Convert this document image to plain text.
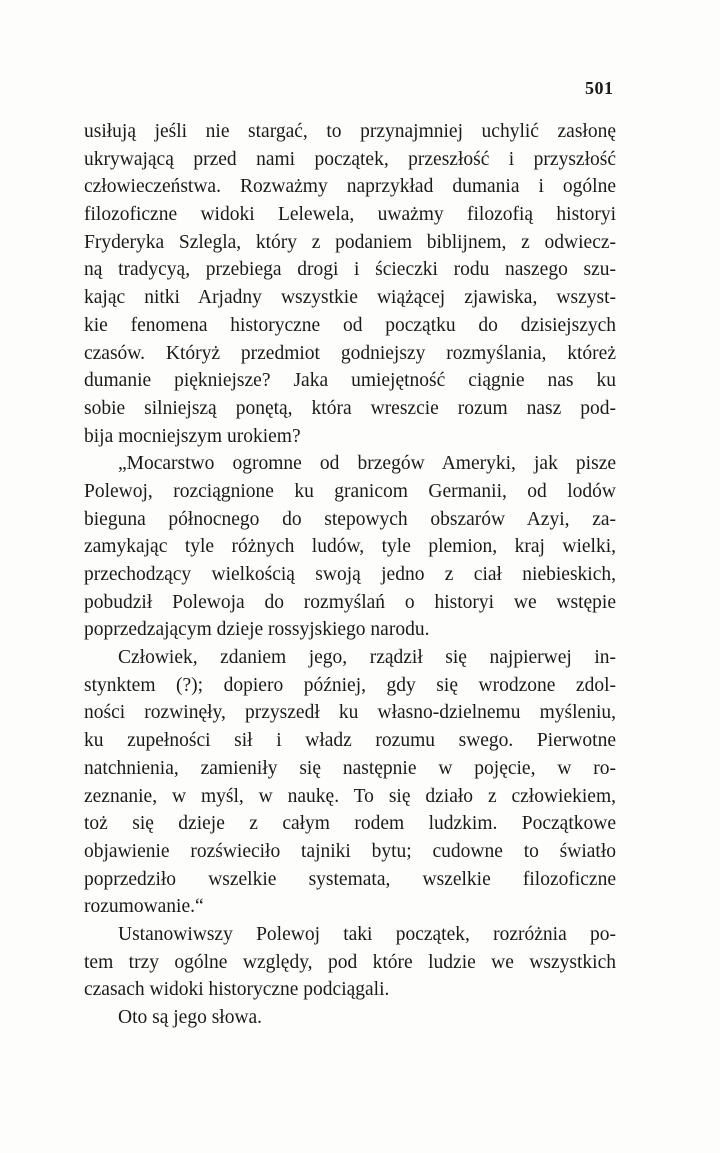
501
usiłują jeśli nie stargać, to przynajmniej uchylić zasłonę
ukrywającą przed nami początek, przeszłość i przyszłość
człowieczeństwa. Rozważmy naprzykład dumania i ogólne
filozoficzne widoki Lelewela, uważmy filozofią historyi
Fryderyka Szlegla, który z podaniem biblijnem, z odwiecz-
ną tradycyą, przebiega drogi i ścieczki rodu naszego szu-
kając nitki Arjadny wszystkie wiążącej zjawiska, wszyst-
kie fenomena historyczne od początku do dzisiejszych
czasów. Któryż przedmiot godniejszy rozmyślania, któreż
dumanie piękniejsze? Jaka umiejętność ciągnie nas ku
sobie silniejszą ponętą, która wreszcie rozum nasz pod-
bija mocniejszym urokiem?
„Mocarstwo ogromne od brzegów Ameryki, jak pisze
Polewoj, rozciągnione ku granicom Germanii, od lodów
bieguna północnego do stepowych obszarów Azyi, za-
zamykając tyle różnych ludów, tyle plemion, kraj wielki,
przechodzący wielkością swoją jedno z ciał niebieskich,
pobudził Polewoja do rozmyślań o historyi we wstępie
poprzedzającym dzieje rossyjskiego narodu.
Człowiek, zdaniem jego, rządził się najpierwej in-
stynktem (?); dopiero później, gdy się wrodzone zdol-
ności rozwinęły, przyszedł ku własno-dzielnemu myśleniu,
ku zupełności sił i władz rozumu swego. Pierwotne
natchnienia, zamieniły się następnie w pojęcie, w ro-
zeznanie, w myśl, w naukę. To się działo z człowiekiem,
toż się dzieje z całym rodem ludzkim. Początkowe
objawienie rozświeciło tajniki bytu; cudowne to światło
poprzedziło wszelkie systemata, wszelkie filozoficzne
rozumowanie.“
Ustanowiwszy Polewoj taki początek, rozróżnia po-
tem trzy ogólne względy, pod które ludzie we wszystkich
czasach widoki historyczne podciągali.
Oto są jego słowa.
